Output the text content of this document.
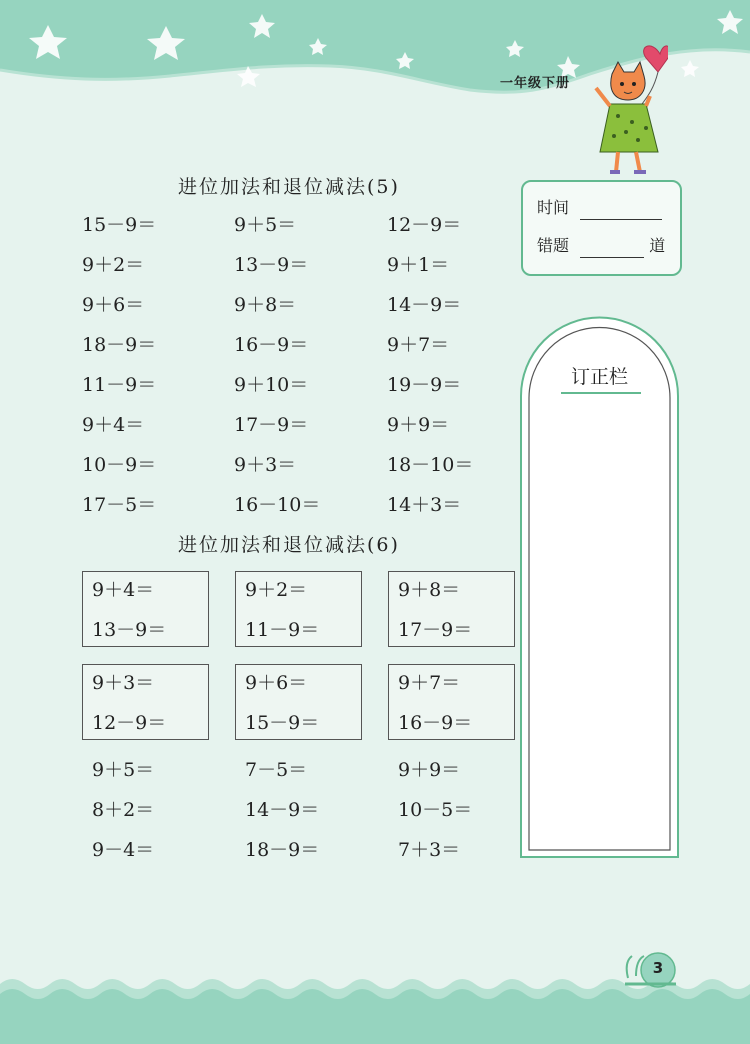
一年级下册
进位加法和退位减法(5)
15－9＝
9＋2＝
9＋6＝
18－9＝
11－9＝
9＋4＝
10－9＝
17－5＝
9＋5＝
13－9＝
9＋8＝
16－9＝
9＋10＝
17－9＝
9＋3＝
16－10＝
12－9＝
9＋1＝
14－9＝
9＋7＝
19－9＝
9＋9＝
18－10＝
14＋3＝
进位加法和退位减法(6)
9＋4＝
13－9＝
9＋2＝
11－9＝
9＋8＝
17－9＝
9＋3＝
12－9＝
9＋6＝
15－9＝
9＋7＝
16－9＝
9＋5＝
8＋2＝
9－4＝
7－5＝
14－9＝
18－9＝
9＋9＝
10－5＝
7＋3＝
时间
错题	道
订正栏
3
